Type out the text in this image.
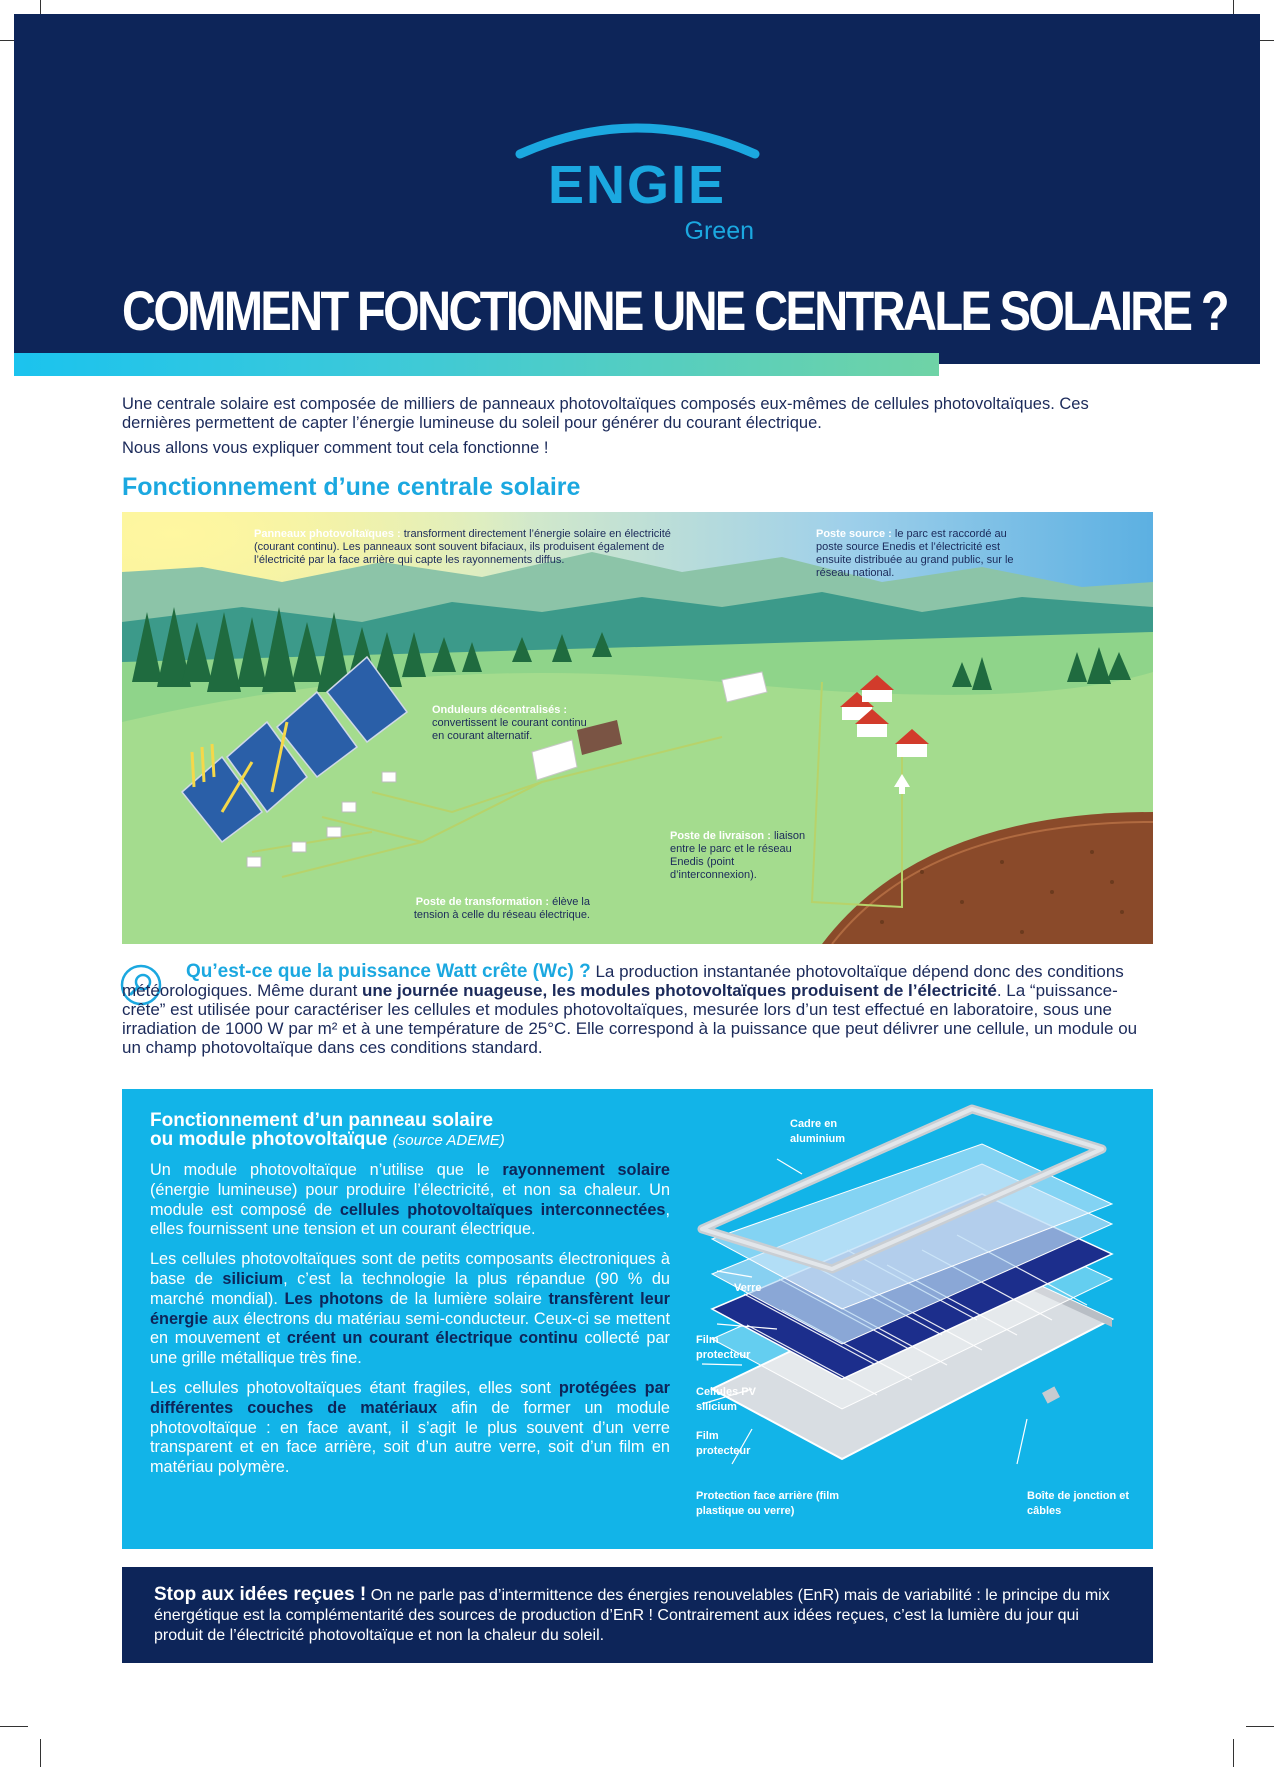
ENGIE
Green
COMMENT FONCTIONNE UNE CENTRALE SOLAIRE ?

Une centrale solaire est composée de milliers de panneaux photovoltaïques composés eux-mêmes de cellules photovoltaïques. Ces dernières permettent de capter l’énergie lumineuse du soleil pour générer du courant électrique.

Nous allons vous expliquer comment tout cela fonctionne !

Fonctionnement d’une centrale solaire
Panneaux photovoltaïques : transforment directement l’énergie solaire en électricité (courant continu). Les panneaux sont souvent bifaciaux, ils produisent également de l’électricité par la face arrière qui capte les rayonnements diffus.
Poste source : le parc est raccordé au poste source Enedis et l’électricité est ensuite distribuée au grand public, sur le réseau national.
Onduleurs décentralisés : convertissent le courant continu en courant alternatif.
Poste de livraison : liaison entre le parc et le réseau Enedis (point d’interconnexion).
Poste de transformation : élève la tension à celle du réseau électrique.
Qu’est-ce que la puissance Watt crête (Wc) ? La production instantanée photovoltaïque dépend donc des conditions météorologiques. Même durant une journée nuageuse, les modules photovoltaïques produisent de l’électricité. La “puissance-crête” est utilisée pour caractériser les cellules et modules photovoltaïques, mesurée lors d’un test effectué en laboratoire, sous une irradiation de 1000 W par m² et à une température de 25°C. Elle correspond à la puissance que peut délivrer une cellule, un module ou un champ photovoltaïque dans ces conditions standard.
Fonctionnement d’un panneau solaire
ou module photovoltaïque (source ADEME)

Un module photovoltaïque n’utilise que le rayonnement solaire (énergie lumineuse) pour produire l’électricité, et non sa chaleur. Un module est composé de cellules photovoltaïques interconnectées, elles fournissent une tension et un courant électrique.

Les cellules photovoltaïques sont de petits composants électroniques à base de silicium, c’est la technologie la plus répandue (90 % du marché mondial). Les photons de la lumière solaire transfèrent leur énergie aux électrons du matériau semi-conducteur. Ceux-ci se mettent en mouvement et créent un courant électrique continu collecté par une grille métallique très fine.

Les cellules photovoltaïques étant fragiles, elles sont protégées par différentes couches de matériaux afin de former un module photovoltaïque : en face avant, il s’agit le plus souvent d’un verre transparent et en face arrière, soit d’un autre verre, soit d’un film en matériau polymère.

Cadre en aluminium
Verre
Film protecteur
Cellules PV silicium
Film protecteur
Protection face arrière (film plastique ou verre)
Boîte de jonction et câbles
Stop aux idées reçues ! On ne parle pas d’intermittence des énergies renouvelables (EnR) mais de variabilité : le principe du mix énergétique est la complémentarité des sources de production d’EnR ! Contrairement aux idées reçues, c’est la lumière du jour qui produit de l’électricité photovoltaïque et non la chaleur du soleil.
